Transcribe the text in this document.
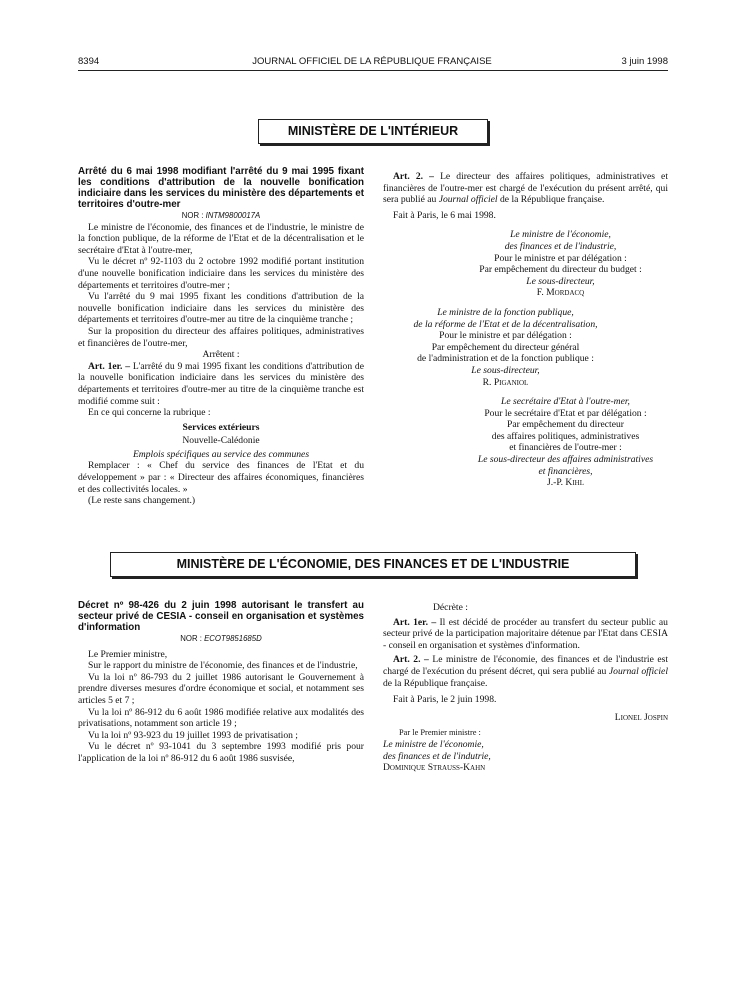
8394	JOURNAL OFFICIEL DE LA RÉPUBLIQUE FRANÇAISE	3 juin 1998
MINISTÈRE DE L'INTÉRIEUR

Arrêté du 6 mai 1998 modifiant l'arrêté du 9 mai 1995 fixant les conditions d'attribution de la nouvelle bonification indiciaire dans les services du ministère des départements et territoires d'outre-mer

NOR : INTM9800017A

Le ministre de l'économie, des finances et de l'industrie, le ministre de la fonction publique, de la réforme de l'Etat et de la décentralisation et le secrétaire d'Etat à l'outre-mer,

Vu le décret nº 92-1103 du 2 octobre 1992 modifié portant institution d'une nouvelle bonification indiciaire dans les services du ministère des départements et territoires d'outre-mer ;

Vu l'arrêté du 9 mai 1995 fixant les conditions d'attribution de la nouvelle bonification indiciaire dans les services du ministère des départements et territoires d'outre-mer au titre de la cinquième tranche ;

Sur la proposition du directeur des affaires politiques, administratives et financières de l'outre-mer,

Arrêtent :

Art. 1er. – L'arrêté du 9 mai 1995 fixant les conditions d'attribution de la nouvelle bonification indiciaire dans les services du ministère des départements et territoires d'outre-mer au titre de la cinquième tranche est modifié comme suit :

En ce qui concerne la rubrique :

Services extérieurs

Nouvelle-Calédonie

Emplois spécifiques au service des communes

Remplacer : « Chef du service des finances de l'Etat et du développement » par : « Directeur des affaires économiques, financières et des collectivités locales. »

(Le reste sans changement.)

Art. 2. – Le directeur des affaires politiques, administratives et financières de l'outre-mer est chargé de l'exécution du présent arrêté, qui sera publié au Journal officiel de la République française.

Fait à Paris, le 6 mai 1998.

Le ministre de l'économie,

des finances et de l'industrie,

Pour le ministre et par délégation :

Par empêchement du directeur du budget :

Le sous-directeur,

F. Mordacq

Le ministre de la fonction publique,

de la réforme de l'Etat et de la décentralisation,

Pour le ministre et par délégation :

Par empêchement du directeur général

de l'administration et de la fonction publique :

Le sous-directeur,

R. Piganiol

Le secrétaire d'Etat à l'outre-mer,

Pour le secrétaire d'Etat et par délégation :

Par empêchement du directeur

des affaires politiques, administratives

et financières de l'outre-mer :

Le sous-directeur des affaires administratives

et financières,

J.-P. Kihl

MINISTÈRE DE L'ÉCONOMIE, DES FINANCES ET DE L'INDUSTRIE

Décret nº 98-426 du 2 juin 1998 autorisant le transfert au secteur privé de CESIA - conseil en organisation et systèmes d'information

NOR : ECOT9851685D

Le Premier ministre,

Sur le rapport du ministre de l'économie, des finances et de l'industrie,

Vu la loi nº 86-793 du 2 juillet 1986 autorisant le Gouvernement à prendre diverses mesures d'ordre économique et social, et notamment ses articles 5 et 7 ;

Vu la loi nº 86-912 du 6 août 1986 modifiée relative aux modalités des privatisations, notamment son article 19 ;

Vu la loi nº 93-923 du 19 juillet 1993 de privatisation ;

Vu le décret nº 93-1041 du 3 septembre 1993 modifié pris pour l'application de la loi nº 86-912 du 6 août 1986 susvisée,

Décrète :

Art. 1er. – Il est décidé de procéder au transfert du secteur public au secteur privé de la participation majoritaire détenue par l'Etat dans CESIA - conseil en organisation et systèmes d'information.

Art. 2. – Le ministre de l'économie, des finances et de l'industrie est chargé de l'exécution du présent décret, qui sera publié au Journal officiel de la République française.

Fait à Paris, le 2 juin 1998.

Lionel Jospin

Par le Premier ministre :

Le ministre de l'économie,

des finances et de l'indutrie,

Dominique Strauss-Kahn
